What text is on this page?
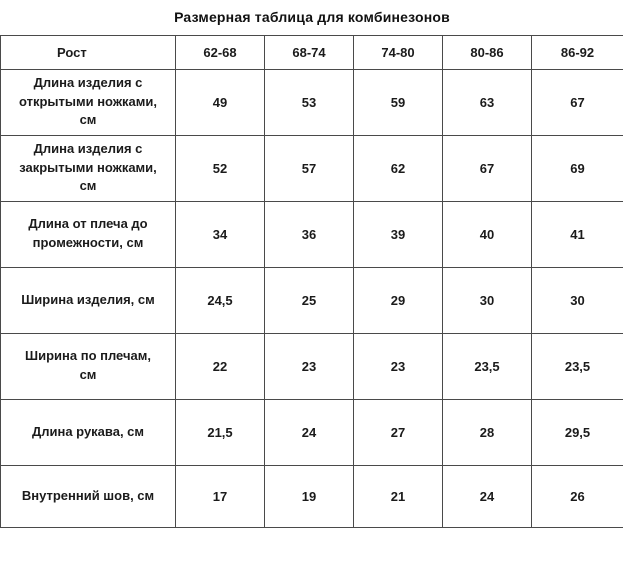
Размерная таблица для комбинезонов					
Рост	62-68	68-74	74-80	80-86	86-92
Длина изделия с открытыми ножками, см	49	53	59	63	67
Длина изделия с закрытыми ножками, см	52	57	62	67	69
Длина от плеча до промежности, см	34	36	39	40	41
Ширина изделия, см	24,5	25	29	30	30
Ширина по плечам, см	22	23	23	23,5	23,5
Длина рукава, см	21,5	24	27	28	29,5
Внутренний шов, см	17	19	21	24	26
